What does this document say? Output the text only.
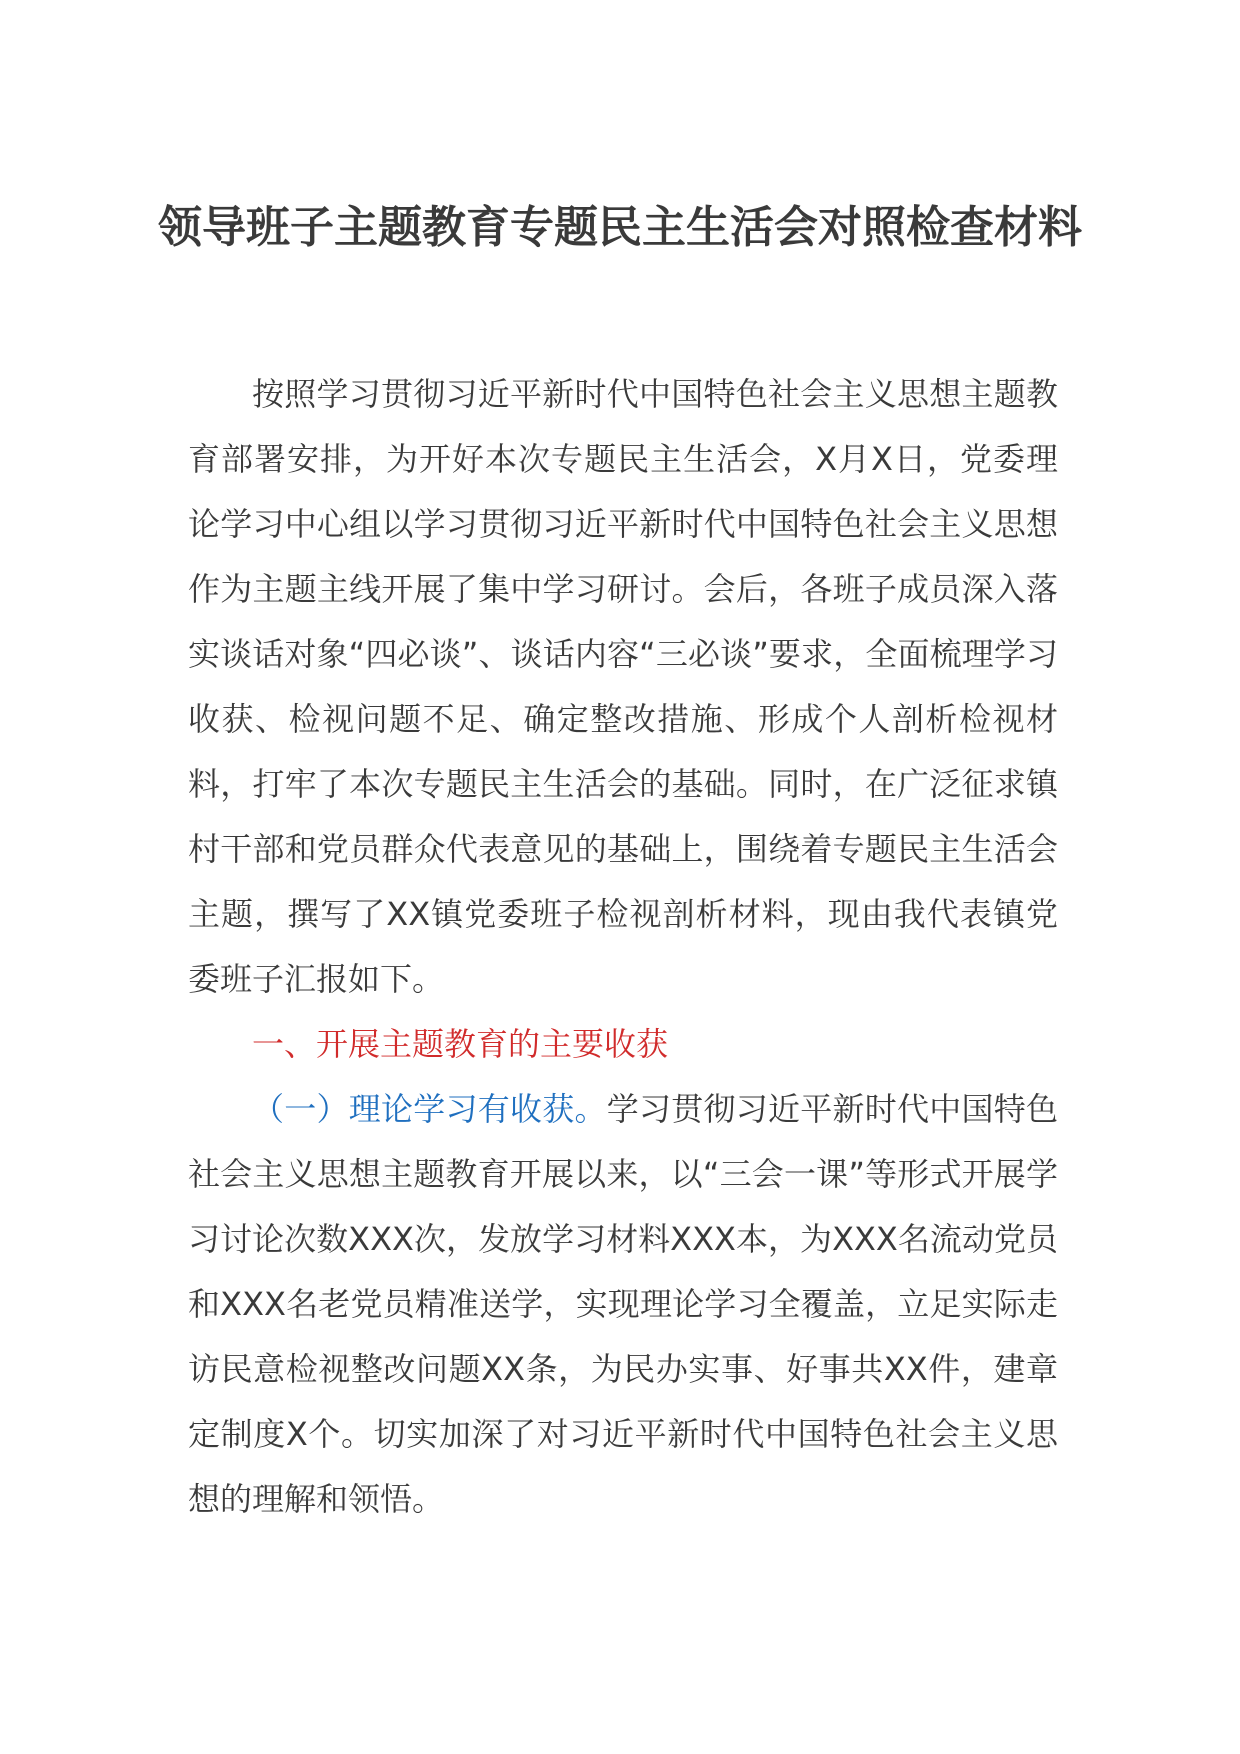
领导班子主题教育专题民主生活会对照检查材料

按照学习贯彻习近平新时代中国特色社会主义思想主题教育部署安排，为开好本次专题民主生活会，X月X日，党委理论学习中心组以学习贯彻习近平新时代中国特色社会主义思想作为主题主线开展了集中学习研讨。会后，各班子成员深入落实谈话对象“四必谈”、谈话内容“三必谈”要求，全面梳理学习收获、检视问题不足、确定整改措施、形成个人剖析检视材料，打牢了本次专题民主生活会的基础。同时，在广泛征求镇村干部和党员群众代表意见的基础上，围绕着专题民主生活会主题，撰写了XX镇党委班子检视剖析材料，现由我代表镇党委班子汇报如下。

一、开展主题教育的主要收获

（一）理论学习有收获。学习贯彻习近平新时代中国特色社会主义思想主题教育开展以来，以“三会一课”等形式开展学习讨论次数XXX次，发放学习材料XXX本，为XXX名流动党员和XXX名老党员精准送学，实现理论学习全覆盖，立足实际走访民意检视整改问题XX条，为民办实事、好事共XX件，建章定制度X个。切实加深了对习近平新时代中国特色社会主义思想的理解和领悟。
